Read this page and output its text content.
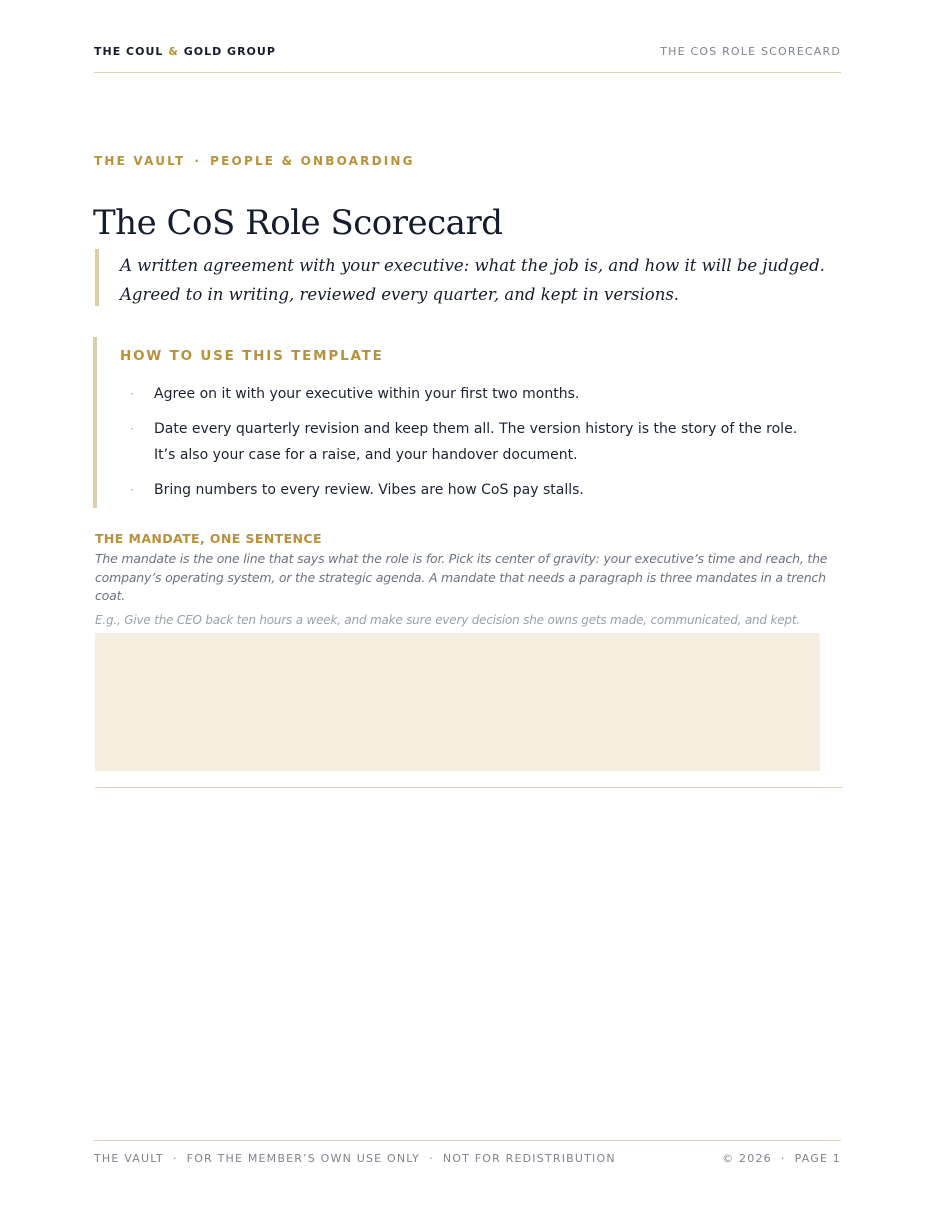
THE COUL & GOLD GROUP	THE COS ROLE SCORECARD
THE VAULT · PEOPLE & ONBOARDING
The CoS Role Scorecard

A written agreement with your executive: what the job is, and how it will be judged. Agreed to in writing, reviewed every quarter, and kept in versions.

HOW TO USE THIS TEMPLATE
· Agree on it with your executive within your first two months.
· Date every quarterly revision and keep them all. The version history is the story of the role. It’s also your case for a raise, and your handover document.
· Bring numbers to every review. Vibes are how CoS pay stalls.
THE MANDATE, ONE SENTENCE

The mandate is the one line that says what the role is for. Pick its center of gravity: your executive’s time and reach, the company’s operating system, or the strategic agenda. A mandate that needs a paragraph is three mandates in a trench coat.

E.g., Give the CEO back ten hours a week, and make sure every decision she owns gets made, communicated, and kept.

THE VAULT · FOR THE MEMBER’S OWN USE ONLY · NOT FOR REDISTRIBUTION	© 2026 · PAGE 1
